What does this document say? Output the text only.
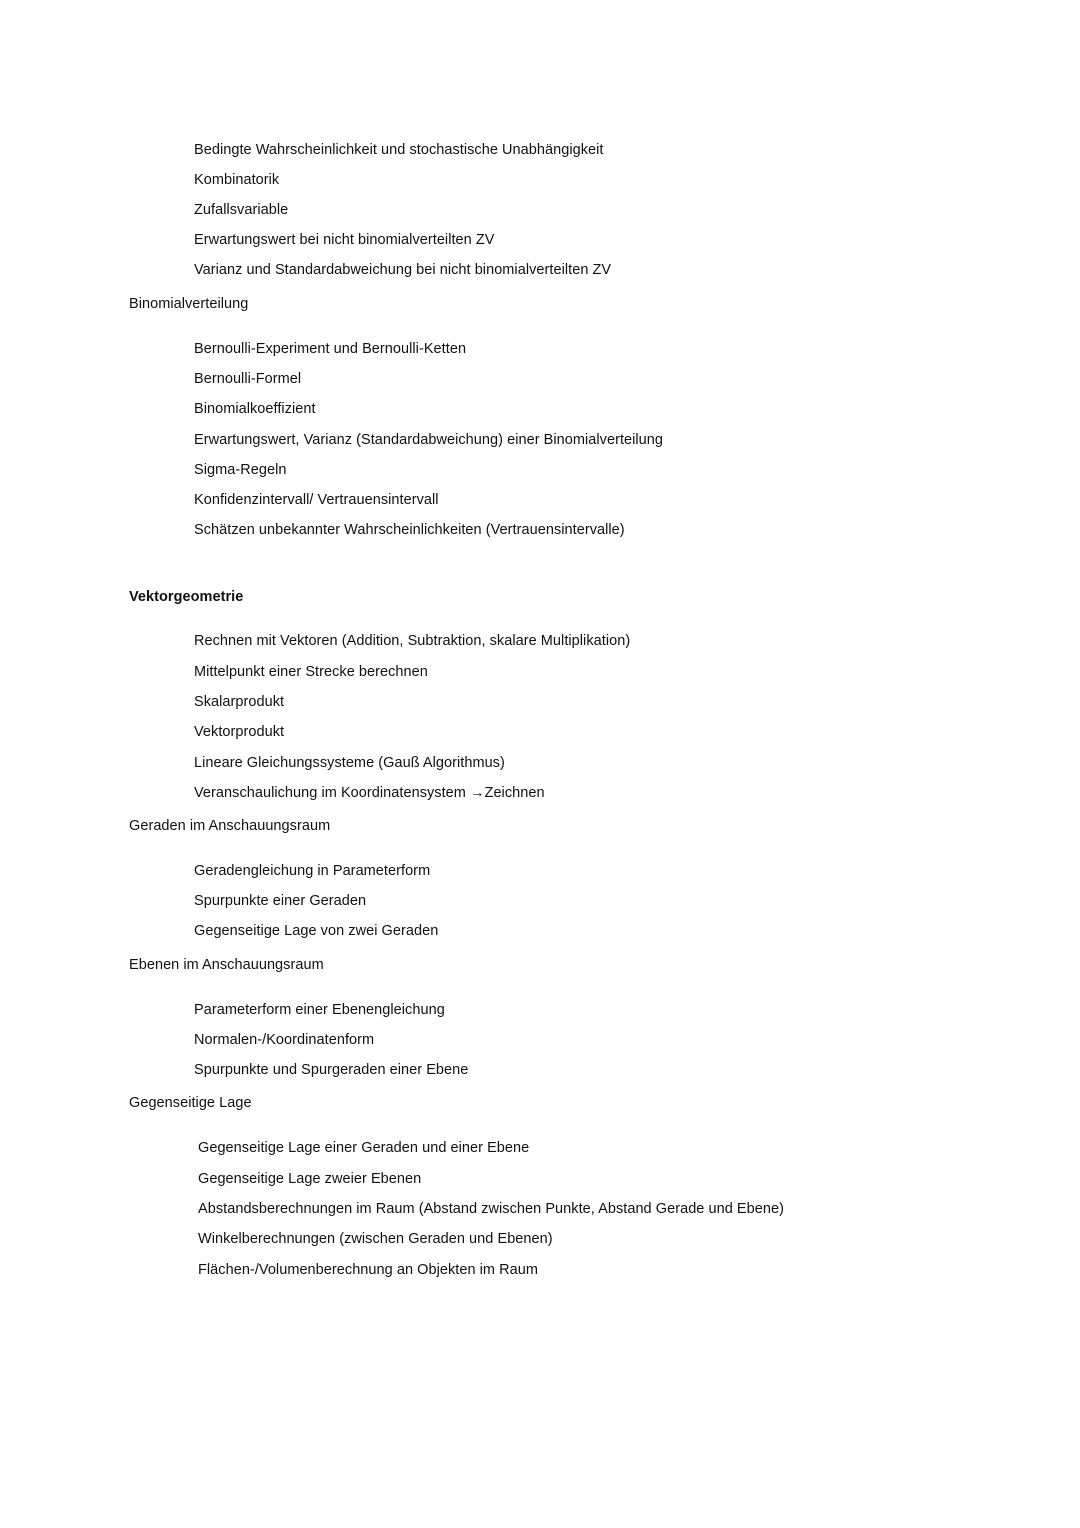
Bedingte Wahrscheinlichkeit und stochastische Unabhängigkeit
Kombinatorik
Zufallsvariable
Erwartungswert bei nicht binomialverteilten ZV
Varianz und Standardabweichung bei nicht binomialverteilten ZV
Binomialverteilung
Bernoulli-Experiment und Bernoulli-Ketten
Bernoulli-Formel
Binomialkoeffizient
Erwartungswert, Varianz (Standardabweichung) einer Binomialverteilung
Sigma-Regeln
Konfidenzintervall/ Vertrauensintervall
Schätzen unbekannter Wahrscheinlichkeiten (Vertrauensintervalle)
Vektorgeometrie
Rechnen mit Vektoren (Addition, Subtraktion, skalare Multiplikation)
Mittelpunkt einer Strecke berechnen
Skalarprodukt
Vektorprodukt
Lineare Gleichungssysteme (Gauß Algorithmus)
Veranschaulichung im Koordinatensystem →Zeichnen
Geraden im Anschauungsraum
Geradengleichung in Parameterform
Spurpunkte einer Geraden
Gegenseitige Lage von zwei Geraden
Ebenen im Anschauungsraum
Parameterform einer Ebenengleichung
Normalen-/Koordinatenform
Spurpunkte und Spurgeraden einer Ebene
Gegenseitige Lage
Gegenseitige Lage einer Geraden und einer Ebene
Gegenseitige Lage zweier Ebenen
Abstandsberechnungen im Raum (Abstand zwischen Punkte, Abstand Gerade und Ebene)
Winkelberechnungen (zwischen Geraden und Ebenen)
Flächen-/Volumenberechnung an Objekten im Raum
